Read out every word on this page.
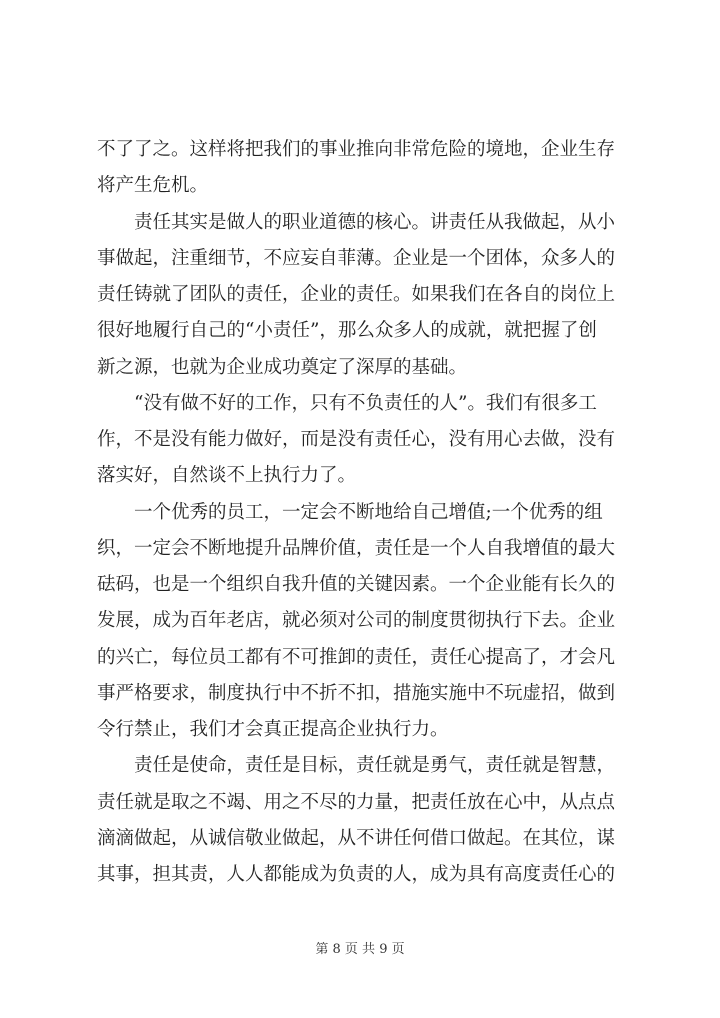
不了了之。这样将把我们的事业推向非常危险的境地，企业生存
将产生危机。
责任其实是做人的职业道德的核心。讲责任从我做起，从小
事做起，注重细节，不应妄自菲薄。企业是一个团体，众多人的
责任铸就了团队的责任，企业的责任。如果我们在各自的岗位上
很好地履行自己的“小责任”，那么众多人的成就，就把握了创
新之源，也就为企业成功奠定了深厚的基础。
“没有做不好的工作，只有不负责任的人”。我们有很多工
作，不是没有能力做好，而是没有责任心，没有用心去做，没有
落实好，自然谈不上执行力了。
一个优秀的员工，一定会不断地给自己增值;一个优秀的组
织，一定会不断地提升品牌价值，责任是一个人自我增值的最大
砝码，也是一个组织自我升值的关键因素。一个企业能有长久的
发展，成为百年老店，就必须对公司的制度贯彻执行下去。企业
的兴亡，每位员工都有不可推卸的责任，责任心提高了，才会凡
事严格要求，制度执行中不折不扣，措施实施中不玩虚招，做到
令行禁止，我们才会真正提高企业执行力。
责任是使命，责任是目标，责任就是勇气，责任就是智慧，
责任就是取之不竭、用之不尽的力量，把责任放在心中，从点点
滴滴做起，从诚信敬业做起，从不讲任何借口做起。在其位，谋
其事，担其责，人人都能成为负责的人，成为具有高度责任心的
第 8 页 共 9 页
